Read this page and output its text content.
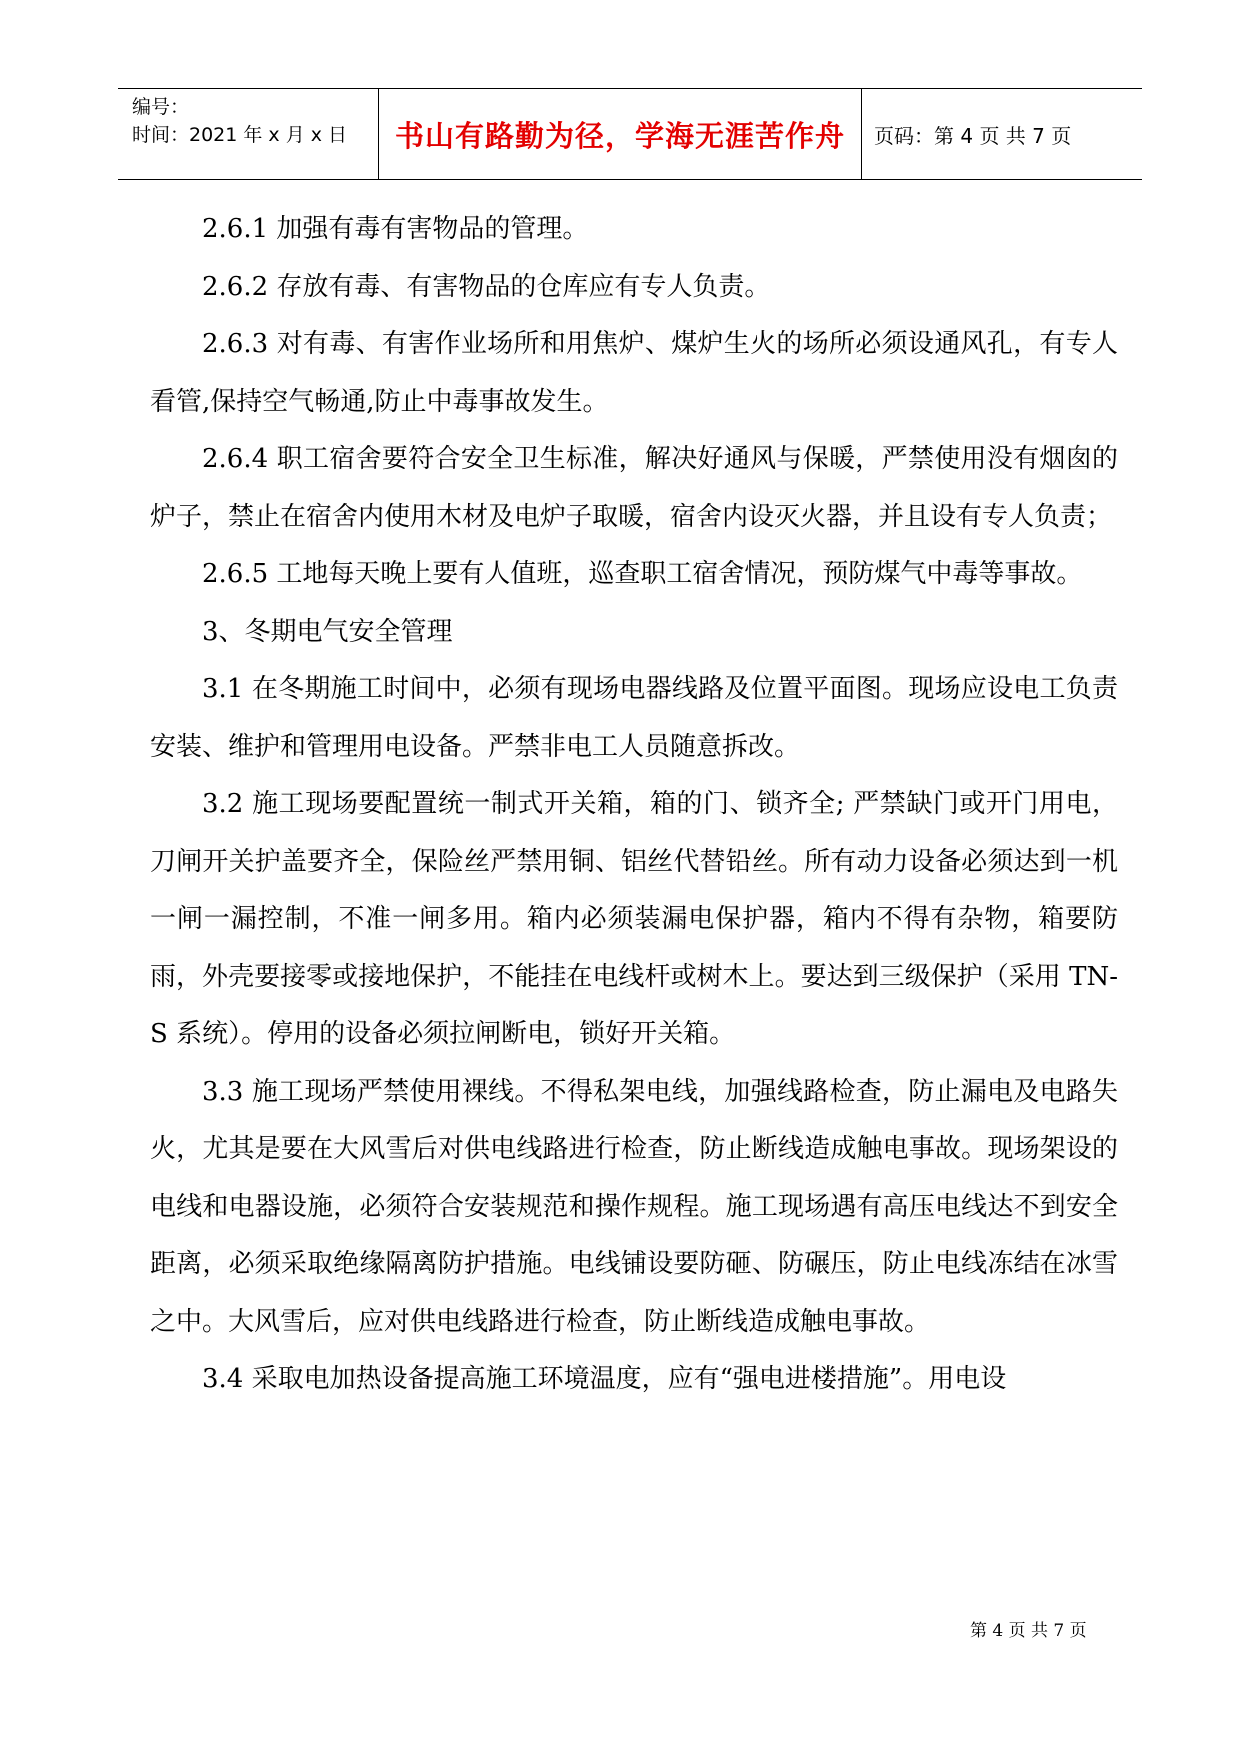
编号：
时间：2021 年 x 月 x 日	书山有路勤为径，学海无涯苦作舟	页码：第 4 页 共 7 页

2.6.1 加强有毒有害物品的管理。

2.6.2 存放有毒、有害物品的仓库应有专人负责。

2.6.3 对有毒、有害作业场所和用焦炉、煤炉生火的场所必须设通风孔，有专人看管,保持空气畅通,防止中毒事故发生。

2.6.4 职工宿舍要符合安全卫生标准，解决好通风与保暖，严禁使用没有烟囱的炉子，禁止在宿舍内使用木材及电炉子取暖，宿舍内设灭火器，并且设有专人负责；

2.6.5 工地每天晚上要有人值班，巡查职工宿舍情况，预防煤气中毒等事故。

3、冬期电气安全管理

3.1 在冬期施工时间中，必须有现场电器线路及位置平面图。现场应设电工负责安装、维护和管理用电设备。严禁非电工人员随意拆改。

3.2 施工现场要配置统一制式开关箱，箱的门、锁齐全; 严禁缺门或开门用电，刀闸开关护盖要齐全，保险丝严禁用铜、铝丝代替铅丝。所有动力设备必须达到一机一闸一漏控制，不准一闸多用。箱内必须装漏电保护器，箱内不得有杂物，箱要防雨，外壳要接零或接地保护，不能挂在电线杆或树木上。要达到三级保护（采用 TN-S 系统）。停用的设备必须拉闸断电，锁好开关箱。

3.3 施工现场严禁使用裸线。不得私架电线，加强线路检查，防止漏电及电路失火，尤其是要在大风雪后对供电线路进行检查，防止断线造成触电事故。现场架设的电线和电器设施，必须符合安装规范和操作规程。施工现场遇有高压电线达不到安全距离，必须采取绝缘隔离防护措施。电线铺设要防砸、防碾压，防止电线冻结在冰雪之中。大风雪后，应对供电线路进行检查，防止断线造成触电事故。

3.4 采取电加热设备提高施工环境温度，应有“强电进楼措施”。用电设

第 4 页 共 7 页
